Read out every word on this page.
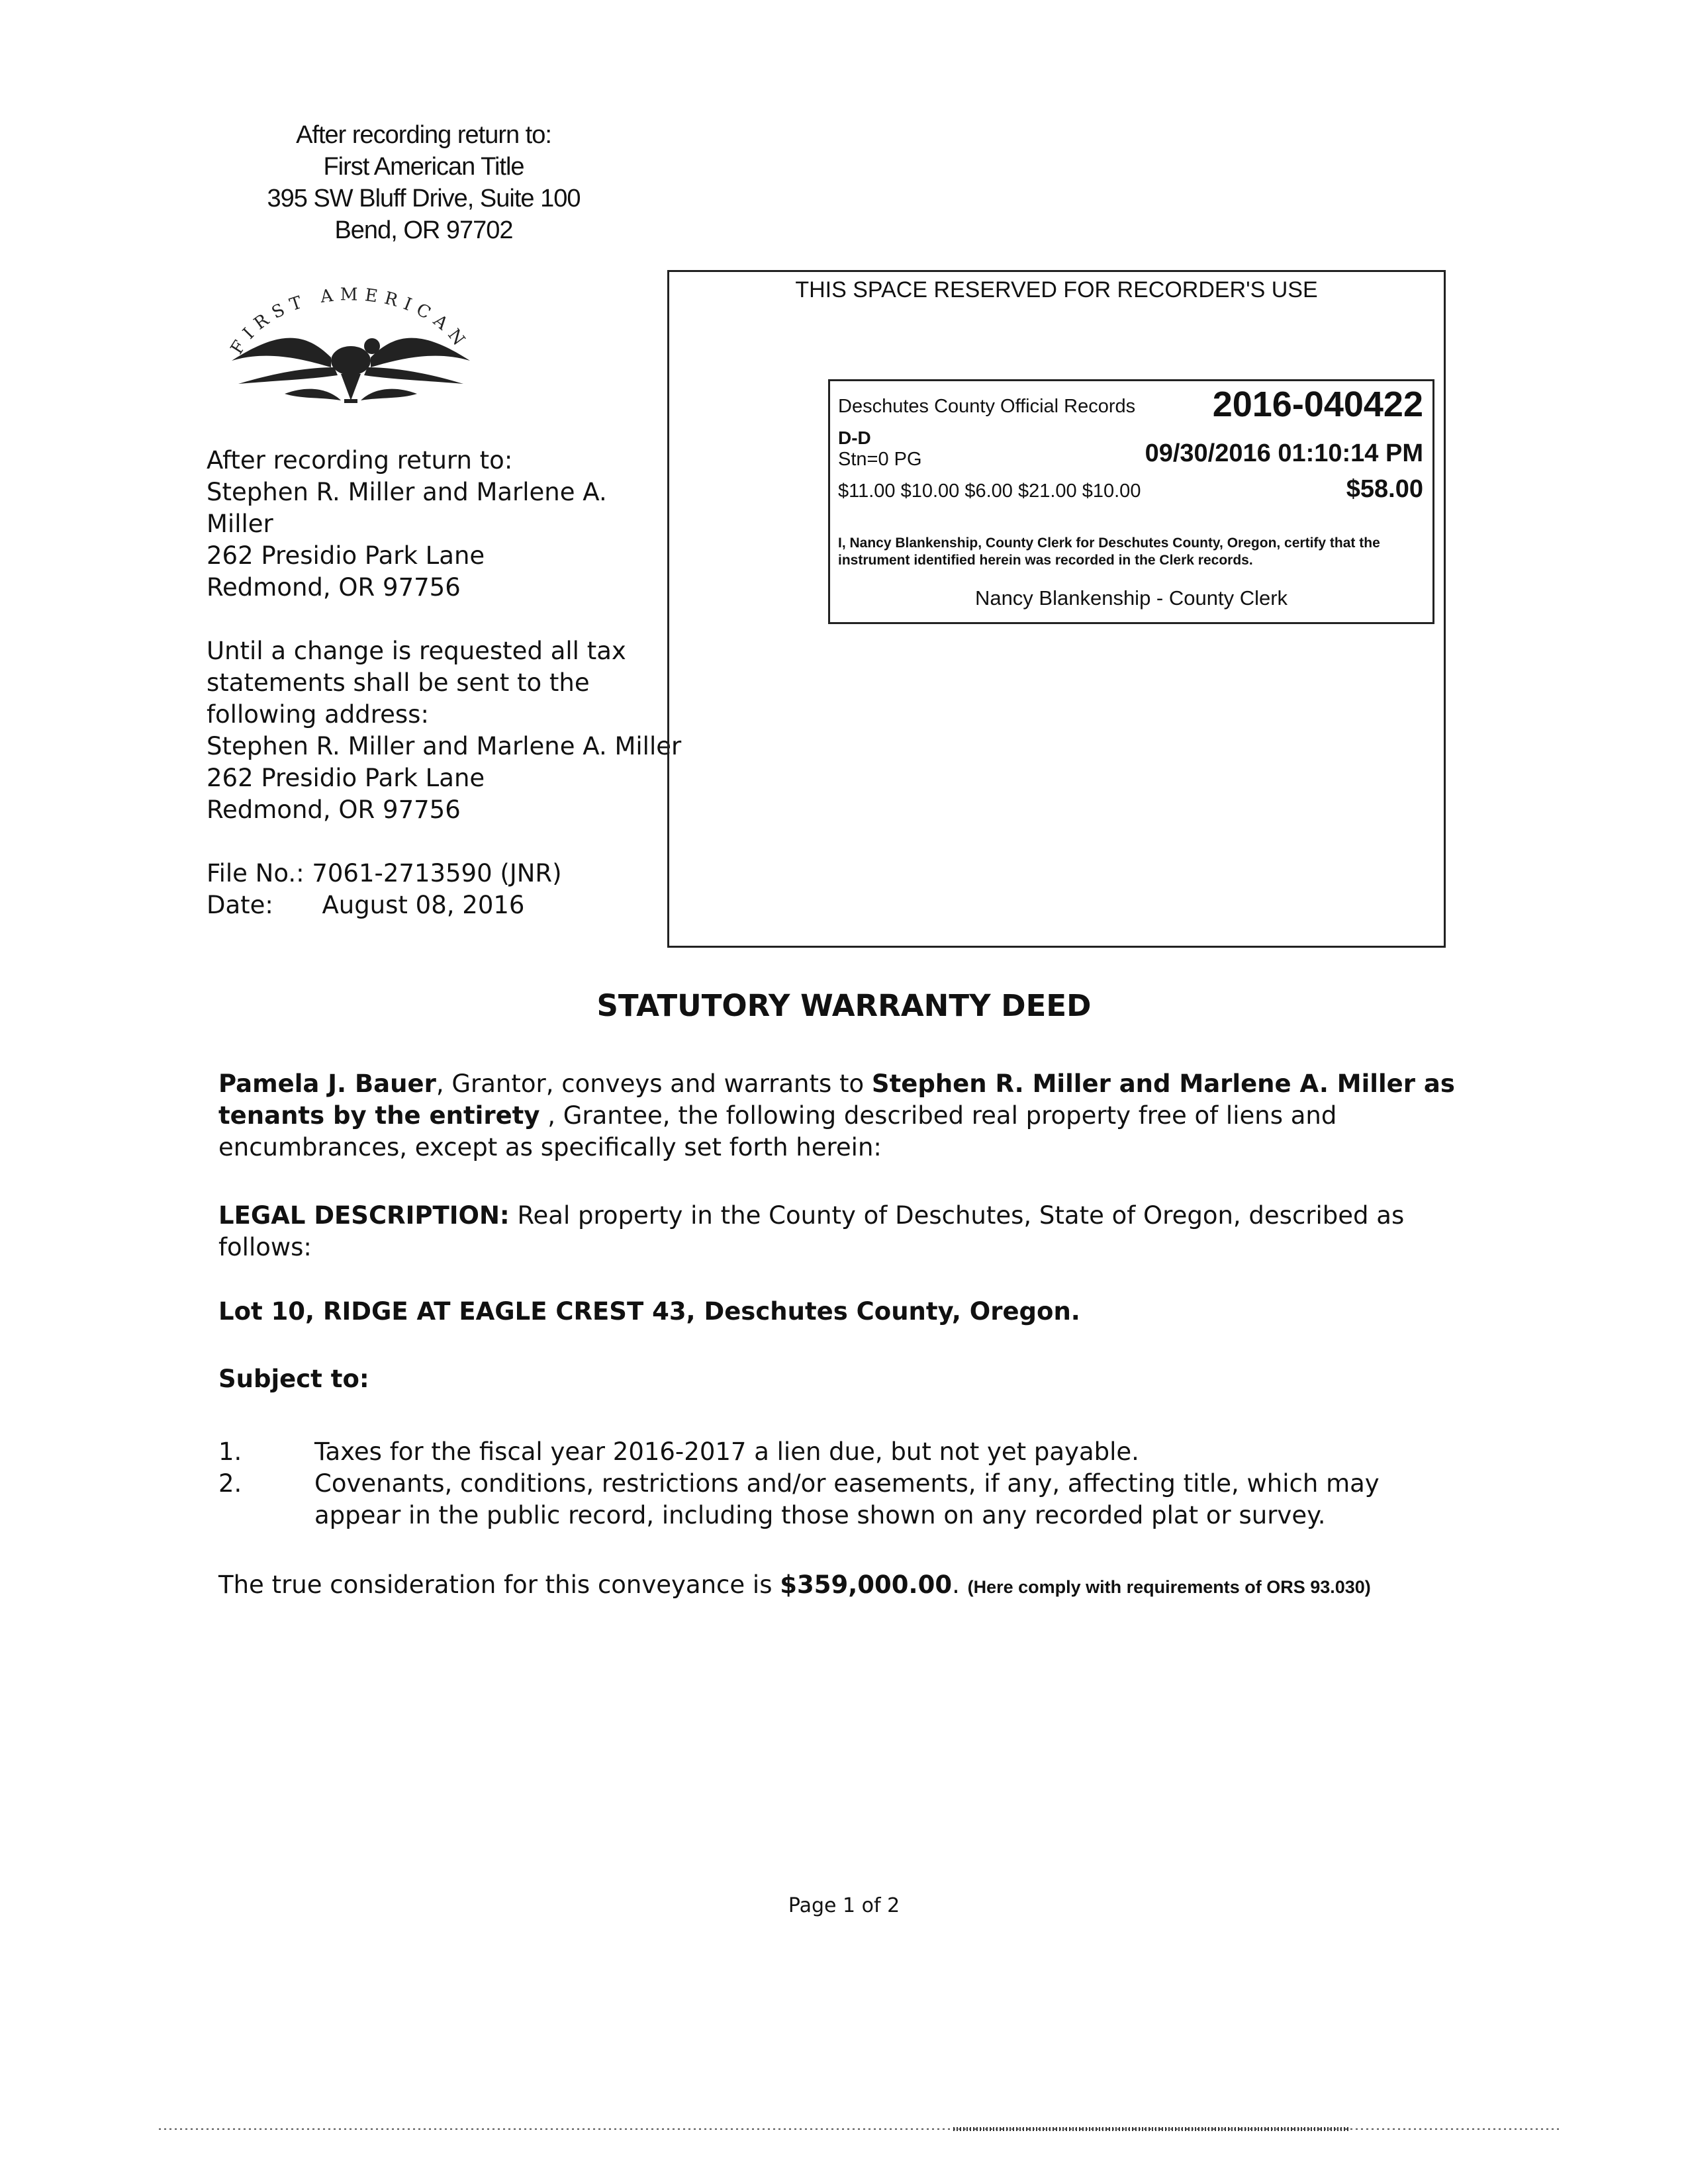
After recording return to:
First American Title
395 SW Bluff Drive, Suite 100
Bend, OR 97702
FIRST AMERICAN
After recording return to:
Stephen R. Miller and Marlene A.
Miller
262 Presidio Park Lane
Redmond, OR 97756
Until a change is requested all tax
statements shall be sent to the
following address:
Stephen R. Miller and Marlene A. Miller
262 Presidio Park Lane
Redmond, OR 97756
File No.: 7061-2713590 (JNR)
Date: August 08, 2016
THIS SPACE RESERVED FOR RECORDER'S USE
Deschutes County Official Records 2016-040422
D-D
Stn=0 PG	09/30/2016 01:10:14 PM
$11.00 $10.00 $6.00 $21.00 $10.00	$58.00
I, Nancy Blankenship, County Clerk for Deschutes County, Oregon, certify that the instrument identified herein was recorded in the Clerk records.
Nancy Blankenship - County Clerk
STATUTORY WARRANTY DEED
Pamela J. Bauer, Grantor, conveys and warrants to Stephen R. Miller and Marlene A. Miller as tenants by the entirety , Grantee, the following described real property free of liens and encumbrances, except as specifically set forth herein:
LEGAL DESCRIPTION: Real property in the County of Deschutes, State of Oregon, described as follows:
Lot 10, RIDGE AT EAGLE CREST 43, Deschutes County, Oregon.
Subject to:
1.	Taxes for the fiscal year 2016-2017 a lien due, but not yet payable.
2.	Covenants, conditions, restrictions and/or easements, if any, affecting title, which may appear in the public record, including those shown on any recorded plat or survey.
The true consideration for this conveyance is $359,000.00. (Here comply with requirements of ORS 93.030)
Page 1 of 2
